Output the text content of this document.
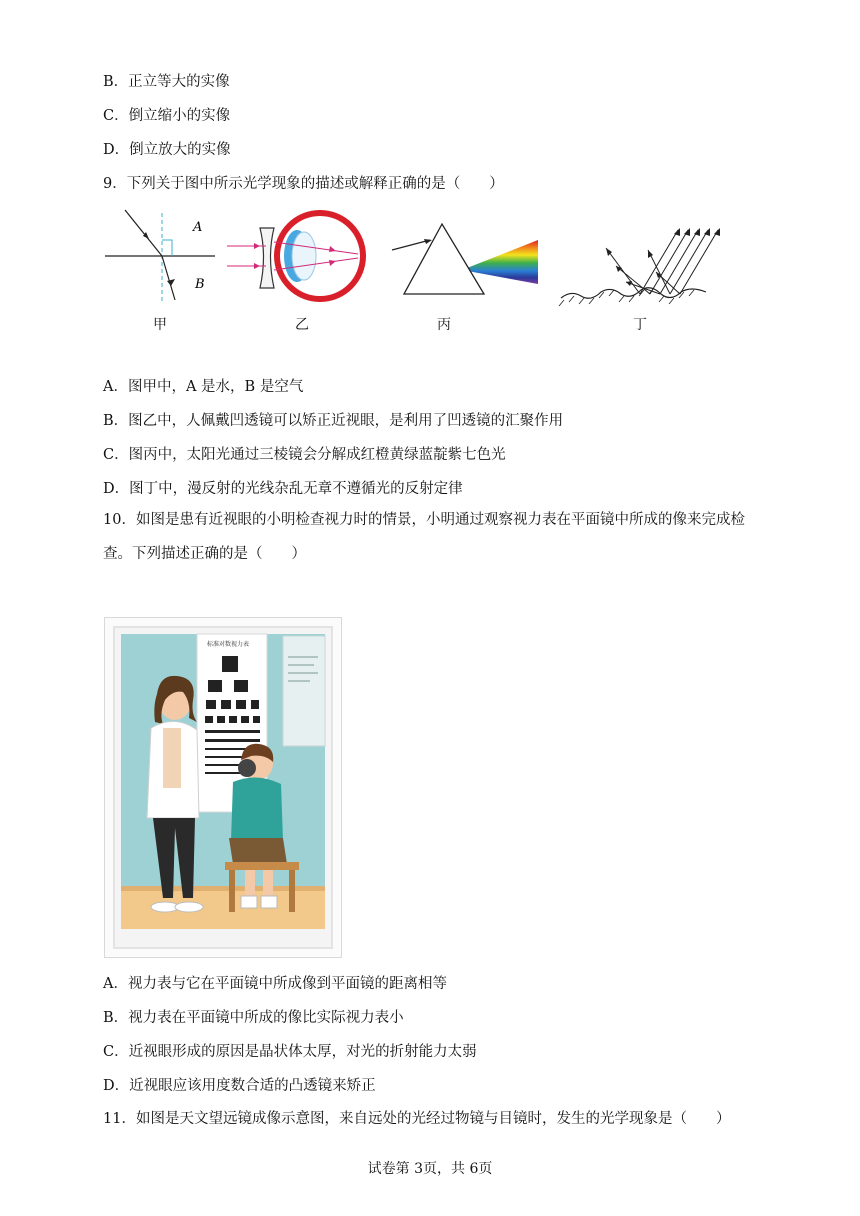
B．正立等大的实像
C．倒立缩小的实像
D．倒立放大的实像
9．下列关于图中所示光学现象的描述或解释正确的是（　　）
A
B
甲	乙	丙	丁
A．图甲中，A 是水，B 是空气
B．图乙中，人佩戴凹透镜可以矫正近视眼，是利用了凹透镜的汇聚作用
C．图丙中，太阳光通过三棱镜会分解成红橙黄绿蓝靛紫七色光
D．图丁中，漫反射的光线杂乱无章不遵循光的反射定律
10．如图是患有近视眼的小明检查视力时的情景，小明通过观察视力表在平面镜中所成的像来完成检查。下列描述正确的是（　　）
标准对数视力表
A．视力表与它在平面镜中所成像到平面镜的距离相等
B．视力表在平面镜中所成的像比实际视力表小
C．近视眼形成的原因是晶状体太厚，对光的折射能力太弱
D．近视眼应该用度数合适的凸透镜来矫正
11．如图是天文望远镜成像示意图，来自远处的光经过物镜与目镜时，发生的光学现象是（　　）
试卷第 3页，共 6页
